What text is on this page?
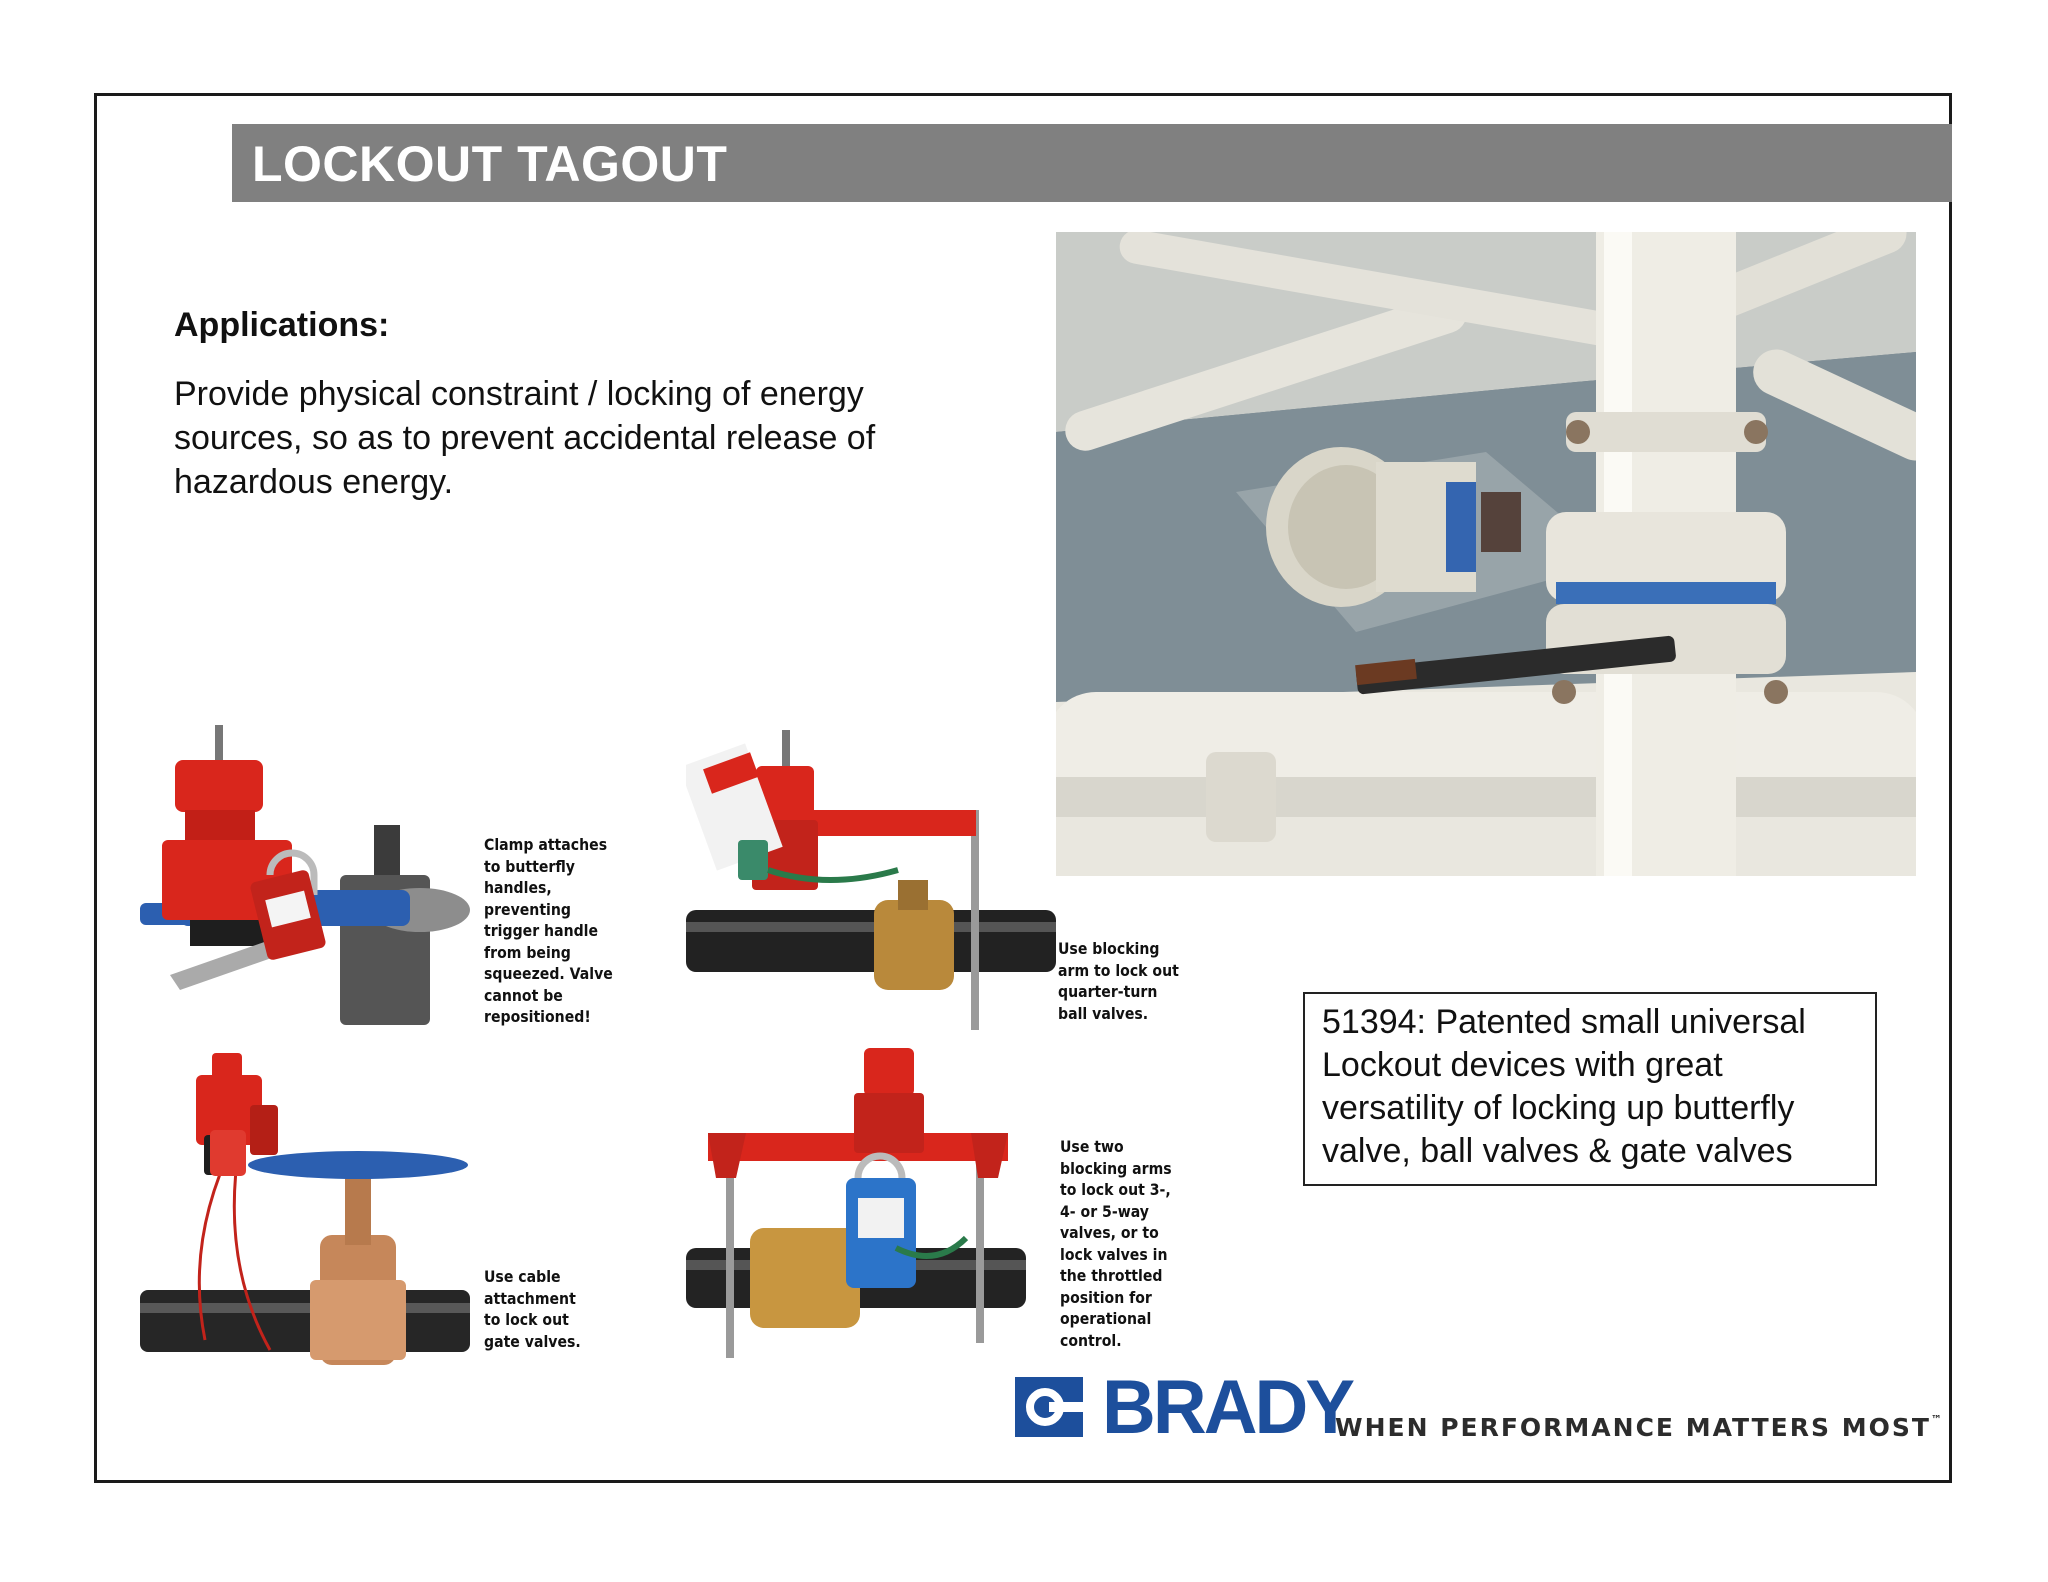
LOCKOUT TAGOUT
Applications:
Provide physical constraint / locking of energy sources, so as to prevent accidental release of hazardous energy.
Clamp attaches
to butterfly
handles,
preventing
trigger handle
from being
squeezed. Valve
cannot be
repositioned!
Use blocking
arm to lock out
quarter-turn
ball valves.
Use cable
attachment
to lock out
gate valves.
Use two
blocking arms
to lock out 3-,
4- or 5-way
valves, or to
lock valves in
the throttled
position for
operational
control.
51394: Patented small universal Lockout devices with great versatility of locking up butterfly valve, ball valves & gate valves
BRADY
WHEN PERFORMANCE MATTERS MOST™
